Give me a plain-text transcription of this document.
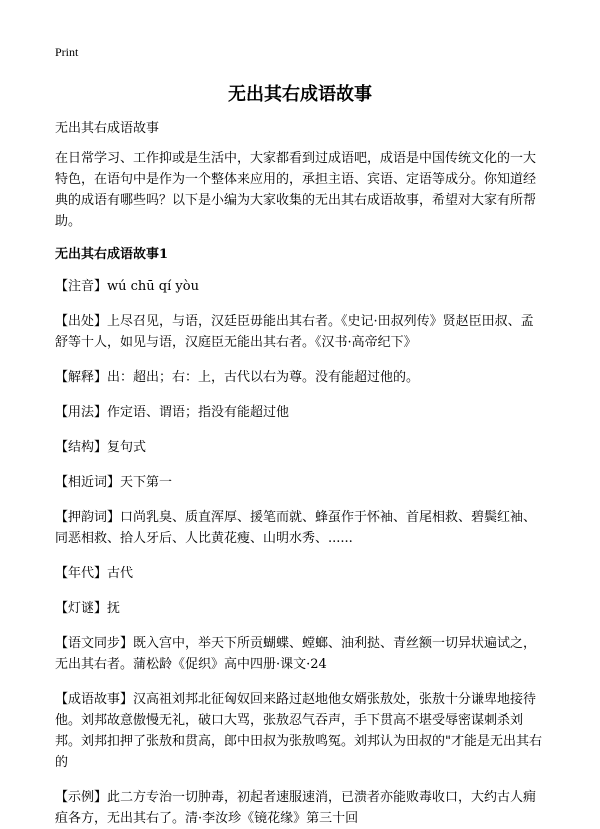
Print
无出其右成语故事
无出其右成语故事

在日常学习、工作抑或是生活中，大家都看到过成语吧，成语是中国传统文化的一大特色，在语句中是作为一个整体来应用的，承担主语、宾语、定语等成分。你知道经典的成语有哪些吗？以下是小编为大家收集的无出其右成语故事，希望对大家有所帮助。

无出其右成语故事1
【注音】wú chū qí yòu
【出处】上尽召见，与语，汉廷臣毋能出其右者。《史记·田叔列传》贤赵臣田叔、孟舒等十人，如见与语，汉庭臣无能出其右者。《汉书·高帝纪下》
【解释】出：超出；右：上，古代以右为尊。没有能超过他的。
【用法】作定语、谓语；指没有能超过他
【结构】复句式
【相近词】天下第一
【押韵词】口尚乳臭、质直浑厚、援笔而就、蜂虿作于怀袖、首尾相救、碧鬓红袖、同恶相救、拾人牙后、人比黄花瘦、山明水秀、......
【年代】古代
【灯谜】抚
【语文同步】既入宫中，举天下所贡蝴蝶、螳螂、油利挞、青丝额一切异状遍试之，无出其右者。蒲松龄《促织》高中四册·课文·24
【成语故事】汉高祖刘邦北征匈奴回来路过赵地他女婿张敖处，张敖十分谦卑地接待他。刘邦故意傲慢无礼，破口大骂，张敖忍气吞声，手下贯高不堪受辱密谋刺杀刘邦。刘邦扣押了张敖和贯高，郎中田叔为张敖鸣冤。刘邦认为田叔的"才能是无出其右的
【示例】此二方专治一切肿毒，初起者速服速消，已溃者亦能败毒收口，大约古人痈疽各方，无出其右了。清·李汝珍《镜花缘》第三十回
